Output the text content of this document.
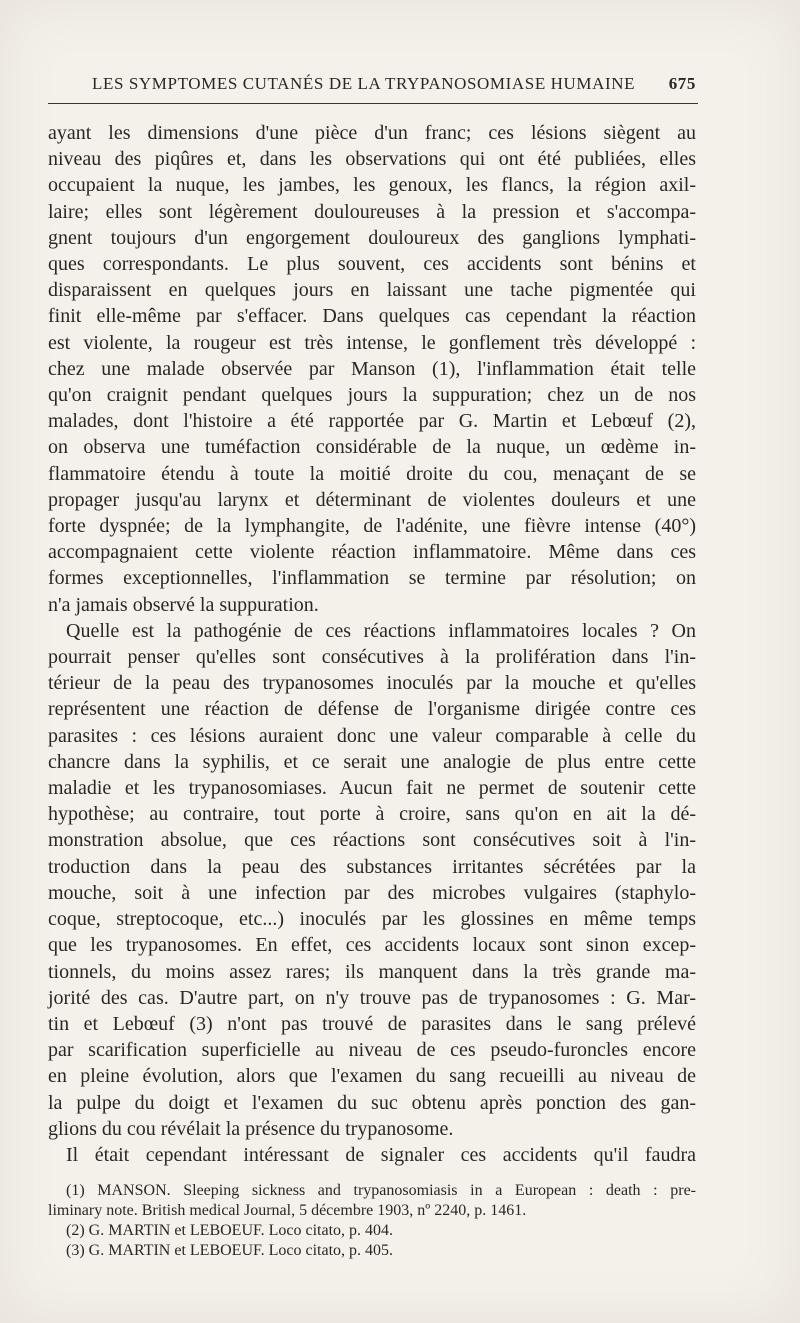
LES SYMPTOMES CUTANÉS DE LA TRYPANOSOMIASE HUMAINE 675
ayant les dimensions d'une pièce d'un franc; ces lésions siègent au
niveau des piqûres et, dans les observations qui ont été publiées, elles
occupaient la nuque, les jambes, les genoux, les flancs, la région axil-
laire; elles sont légèrement douloureuses à la pression et s'accompa-
gnent toujours d'un engorgement douloureux des ganglions lymphati-
ques correspondants. Le plus souvent, ces accidents sont bénins et
disparaissent en quelques jours en laissant une tache pigmentée qui
finit elle-même par s'effacer. Dans quelques cas cependant la réaction
est violente, la rougeur est très intense, le gonflement très développé :
chez une malade observée par Manson (1), l'inflammation était telle
qu'on craignit pendant quelques jours la suppuration; chez un de nos
malades, dont l'histoire a été rapportée par G. Martin et Lebœuf (2),
on observa une tuméfaction considérable de la nuque, un œdème in-
flammatoire étendu à toute la moitié droite du cou, menaçant de se
propager jusqu'au larynx et déterminant de violentes douleurs et une
forte dyspnée; de la lymphangite, de l'adénite, une fièvre intense (40°)
accompagnaient cette violente réaction inflammatoire. Même dans ces
formes exceptionnelles, l'inflammation se termine par résolution; on
n'a jamais observé la suppuration.
Quelle est la pathogénie de ces réactions inflammatoires locales ? On
pourrait penser qu'elles sont consécutives à la prolifération dans l'in-
térieur de la peau des trypanosomes inoculés par la mouche et qu'elles
représentent une réaction de défense de l'organisme dirigée contre ces
parasites : ces lésions auraient donc une valeur comparable à celle du
chancre dans la syphilis, et ce serait une analogie de plus entre cette
maladie et les trypanosomiases. Aucun fait ne permet de soutenir cette
hypothèse; au contraire, tout porte à croire, sans qu'on en ait la dé-
monstration absolue, que ces réactions sont consécutives soit à l'in-
troduction dans la peau des substances irritantes sécrétées par la
mouche, soit à une infection par des microbes vulgaires (staphylo-
coque, streptocoque, etc...) inoculés par les glossines en même temps
que les trypanosomes. En effet, ces accidents locaux sont sinon excep-
tionnels, du moins assez rares; ils manquent dans la très grande ma-
jorité des cas. D'autre part, on n'y trouve pas de trypanosomes : G. Mar-
tin et Lebœuf (3) n'ont pas trouvé de parasites dans le sang prélevé
par scarification superficielle au niveau de ces pseudo-furoncles encore
en pleine évolution, alors que l'examen du sang recueilli au niveau de
la pulpe du doigt et l'examen du suc obtenu après ponction des gan-
glions du cou révélait la présence du trypanosome.
Il était cependant intéressant de signaler ces accidents qu'il faudra
(1) MANSON. Sleeping sickness and trypanosomiasis in a European : death : pre-
liminary note. British medical Journal, 5 décembre 1903, nº 2240, p. 1461.
(2) G. MARTIN et LEBOEUF. Loco citato, p. 404.
(3) G. MARTIN et LEBOEUF. Loco citato, p. 405.
